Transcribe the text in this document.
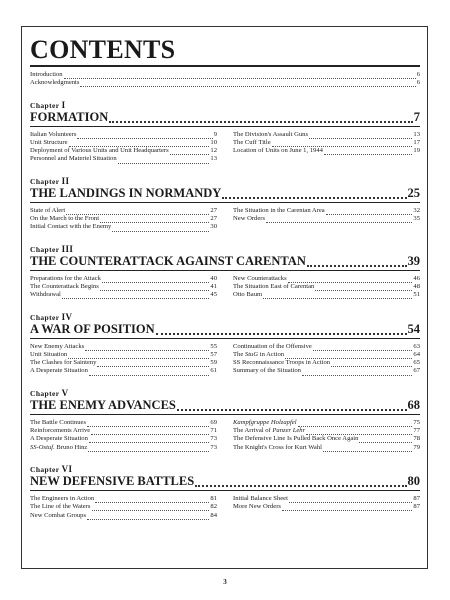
CONTENTS
Introduction	6
Acknowledgments	6
Chapter I
FORMATION	7
Italian Volunteers	9
Unit Structure	10
Deployment of Various Units and Unit Headquarters	12
Personnel and Materiel Situation	13
The Division's Assault Guns	13
The Cuff Title	17
Location of Units on June 1, 1944	19
Chapter II
THE LANDINGS IN NORMANDY	25
State of Alert	27
On the March to the Front	27
Initial Contact with the Enemy	30
The Situation in the Carentan Area	32
New Orders	35
Chapter III
THE COUNTERATTACK AGAINST CARENTAN	39
Preparations for the Attack	40
The Counterattack Begins	41
Withdrawal	45
New Counterattacks	46
The Situation East of Carentan	48
Otto Baum	51
Chapter IV
A WAR OF POSITION	54
New Enemy Attacks	55
Unit Situation	57
The Clashes for Sainteny	59
A Desperate Situation	61
Continuation of the Offensive	63
The StuG in Action	64
SS Reconnaissance Troops in Action	65
Summary of the Situation	67
Chapter V
THE ENEMY ADVANCES	68
The Battle Continues	69
Reinforcements Arrive	71
A Desperate Situation	73
SS-Ostuf. Bruno Hinz	73
Kampfgruppe Holzapfel	75
The Arrival of Panzer Lehr	77
The Defensive Line Is Pulled Back Once Again	78
The Knight's Cross for Kurt Wahl	79
Chapter VI
NEW DEFENSIVE BATTLES	80
The Engineers in Action	81
The Line of the Waters	82
New Combat Groups	84
Initial Balance Sheet	87
More New Orders	87
3
